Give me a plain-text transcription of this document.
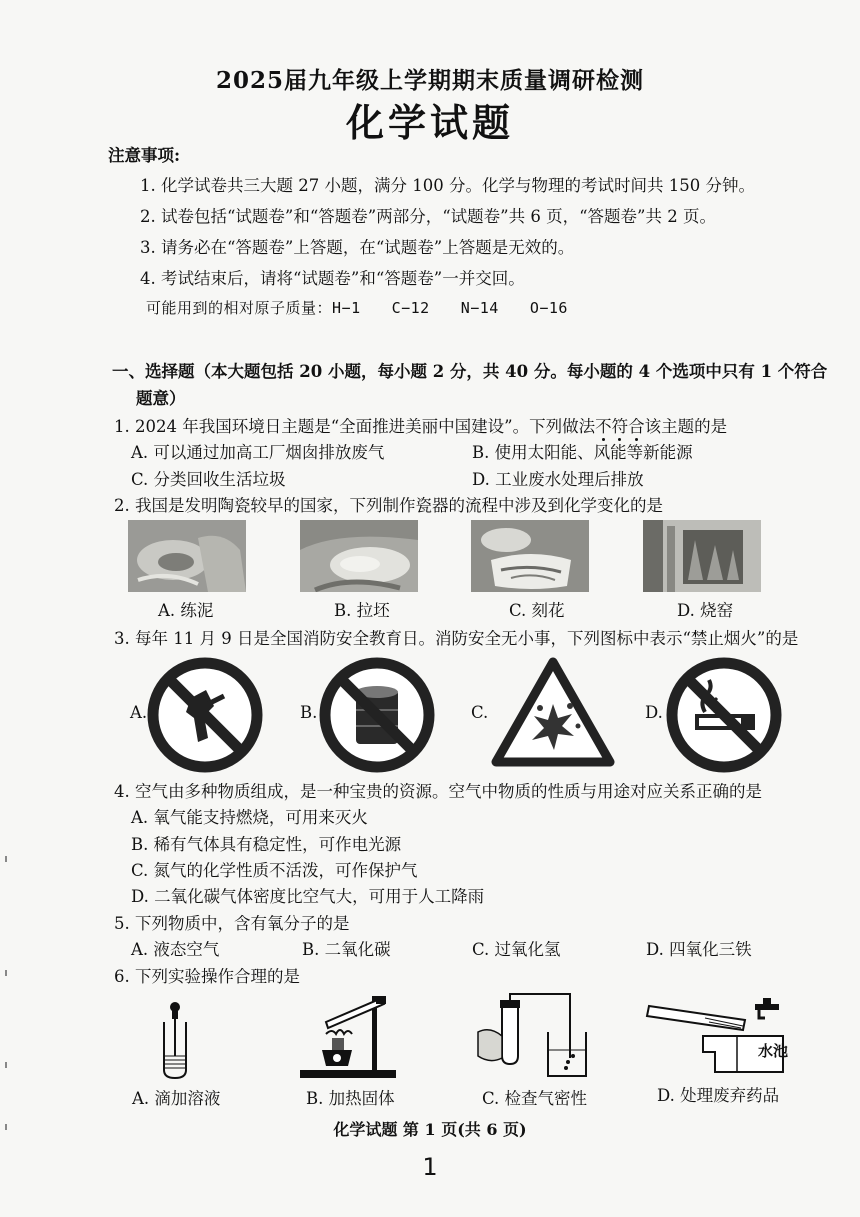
2025届九年级上学期期末质量调研检测
化学试题
注意事项:
1. 化学试卷共三大题 27 小题，满分 100 分。化学与物理的考试时间共 150 分钟。
2. 试卷包括“试题卷”和“答题卷”两部分，“试题卷”共 6 页，“答题卷”共 2 页。
3. 请务必在“答题卷”上答题，在“试题卷”上答题是无效的。
4. 考试结束后，请将“试题卷”和“答题卷”一并交回。
可能用到的相对原子质量：H−1　　C−12　　N−14　　O−16
一、选择题（本大题包括 20 小题，每小题 2 分，共 40 分。每小题的 4 个选项中只有 1 个符合
题意）
1. 2024 年我国环境日主题是“全面推进美丽中国建设”。下列做法不符合该主题的是
A. 可以通过加高工厂烟囱排放废气	B. 使用太阳能、风能等新能源
C. 分类回收生活垃圾	D. 工业废水处理后排放
2. 我国是发明陶瓷较早的国家，下列制作瓷器的流程中涉及到化学变化的是
A. 练泥	B. 拉坯	C. 刻花	D. 烧窑
3. 每年 11 月 9 日是全国消防安全教育日。消防安全无小事，下列图标中表示“禁止烟火”的是
A.	B.	C.	D.
4. 空气由多种物质组成，是一种宝贵的资源。空气中物质的性质与用途对应关系正确的是
A. 氧气能支持燃烧，可用来灭火
B. 稀有气体具有稳定性，可作电光源
C. 氮气的化学性质不活泼，可作保护气
D. 二氧化碳气体密度比空气大，可用于人工降雨
5. 下列物质中，含有氧分子的是
A. 液态空气	B. 二氧化碳	C. 过氧化氢	D. 四氧化三铁
6. 下列实验操作合理的是
水池
A. 滴加溶液	B. 加热固体	C. 检查气密性	D. 处理废弃药品
化学试题 第 1 页(共 6 页)
1
